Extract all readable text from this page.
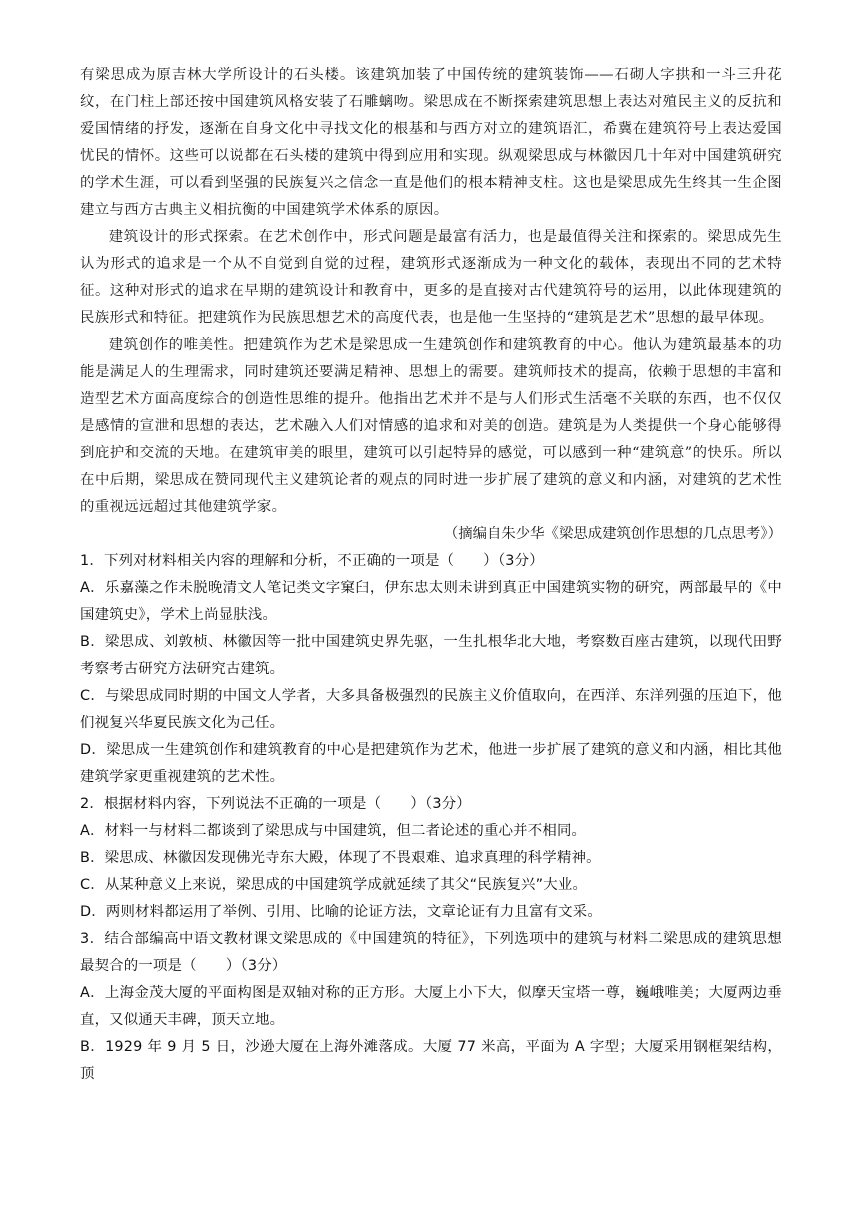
有梁思成为原吉林大学所设计的石头楼。该建筑加装了中国传统的建筑装饰——石砌人字拱和一斗三升花纹，在门柱上部还按中国建筑风格安装了石雕螭吻。梁思成在不断探索建筑思想上表达对殖民主义的反抗和爱国情绪的抒发，逐渐在自身文化中寻找文化的根基和与西方对立的建筑语汇，希冀在建筑符号上表达爱国忧民的情怀。这些可以说都在石头楼的建筑中得到应用和实现。纵观梁思成与林徽因几十年对中国建筑研究的学术生涯，可以看到坚强的民族复兴之信念一直是他们的根本精神支柱。这也是梁思成先生终其一生企图建立与西方古典主义相抗衡的中国建筑学术体系的原因。

建筑设计的形式探索。在艺术创作中，形式问题是最富有活力，也是最值得关注和探索的。梁思成先生认为形式的追求是一个从不自觉到自觉的过程，建筑形式逐渐成为一种文化的载体，表现出不同的艺术特征。这种对形式的追求在早期的建筑设计和教育中，更多的是直接对古代建筑符号的运用，以此体现建筑的民族形式和特征。把建筑作为民族思想艺术的高度代表，也是他一生坚持的“建筑是艺术”思想的最早体现。

建筑创作的唯美性。把建筑作为艺术是梁思成一生建筑创作和建筑教育的中心。他认为建筑最基本的功能是满足人的生理需求，同时建筑还要满足精神、思想上的需要。建筑师技术的提高，依赖于思想的丰富和造型艺术方面高度综合的创造性思维的提升。他指出艺术并不是与人们形式生活毫不关联的东西，也不仅仅是感情的宣泄和思想的表达，艺术融入人们对情感的追求和对美的创造。建筑是为人类提供一个身心能够得到庇护和交流的天地。在建筑审美的眼里，建筑可以引起特异的感觉，可以感到一种“建筑意”的快乐。所以在中后期，梁思成在赞同现代主义建筑论者的观点的同时进一步扩展了建筑的意义和内涵，对建筑的艺术性的重视远远超过其他建筑学家。

（摘编自朱少华《梁思成建筑创作思想的几点思考》）

1．下列对材料相关内容的理解和分析，不正确的一项是（　　）（3分）

A．乐嘉藻之作未脱晚清文人笔记类文字窠臼，伊东忠太则未讲到真正中国建筑实物的研究，两部最早的《中国建筑史》，学术上尚显肤浅。

B．梁思成、刘敦桢、林徽因等一批中国建筑史界先驱，一生扎根华北大地，考察数百座古建筑，以现代田野考察考古研究方法研究古建筑。

C．与梁思成同时期的中国文人学者，大多具备极强烈的民族主义价值取向，在西洋、东洋列强的压迫下，他们视复兴华夏民族文化为己任。

D．梁思成一生建筑创作和建筑教育的中心是把建筑作为艺术，他进一步扩展了建筑的意义和内涵，相比其他建筑学家更重视建筑的艺术性。

2．根据材料内容，下列说法不正确的一项是（　　）（3分）

A．材料一与材料二都谈到了梁思成与中国建筑，但二者论述的重心并不相同。

B．梁思成、林徽因发现佛光寺东大殿，体现了不畏艰难、追求真理的科学精神。

C．从某种意义上来说，梁思成的中国建筑学成就延续了其父“民族复兴”大业。

D．两则材料都运用了举例、引用、比喻的论证方法，文章论证有力且富有文采。

3．结合部编高中语文教材课文梁思成的《中国建筑的特征》，下列选项中的建筑与材料二梁思成的建筑思想最契合的一项是（　　）（3分）

A．上海金茂大厦的平面构图是双轴对称的正方形。大厦上小下大，似摩天宝塔一尊，巍峨唯美；大厦两边垂直，又似通天丰碑，顶天立地。

B．1929 年 9 月 5 日，沙逊大厦在上海外滩落成。大厦 77 米高，平面为 A 字型；大厦采用钢框架结构，顶
